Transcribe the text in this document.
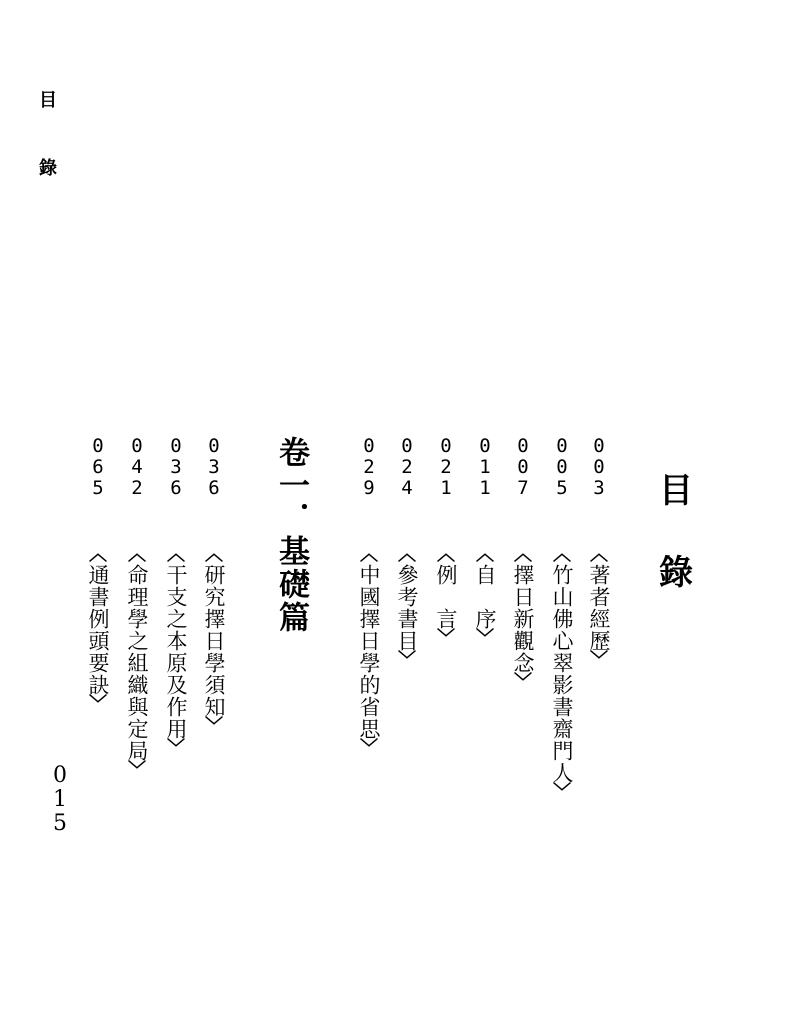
目
錄
目
錄
0
0
3
︿
著者經歷
﹀
0
0
5
︿
竹山佛心翠影書齋門人
﹀
0
0
7
︿
擇日新觀念
﹀
0
1
1
︿
自　序
﹀
0
2
1
︿
例　言
﹀
0
2
4
︿
參考書目
﹀
0
2
9
︿
中國擇日學的省思
﹀
卷一．基礎篇
0
3
6
︿
研究擇日學須知
﹀
0
3
6
︿
干支之本原及作用
﹀
0
4
2
︿
命理學之組織與定局
﹀
0
6
5
︿
通書例頭要訣
﹀
0
1
5
